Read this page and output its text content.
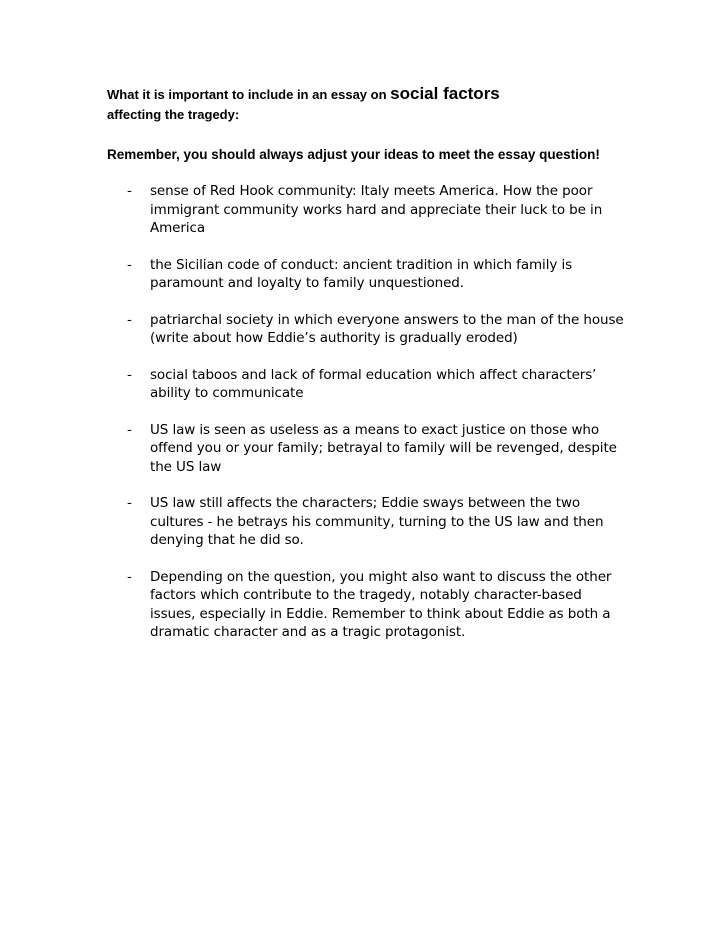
What it is important to include in an essay on social factors
affecting the tragedy:

Remember, you should always adjust your ideas to meet the essay question!

- sense of Red Hook community: Italy meets America. How the poor immigrant community works hard and appreciate their luck to be in America
- the Sicilian code of conduct: ancient tradition in which family is paramount and loyalty to family unquestioned.
- patriarchal society in which everyone answers to the man of the house (write about how Eddie’s authority is gradually eroded)
- social taboos and lack of formal education which affect characters’ ability to communicate
- US law is seen as useless as a means to exact justice on those who offend you or your family; betrayal to family will be revenged, despite the US law
- US law still affects the characters; Eddie sways between the two cultures - he betrays his community, turning to the US law and then denying that he did so.
- Depending on the question, you might also want to discuss the other factors which contribute to the tragedy, notably character-based issues, especially in Eddie. Remember to think about Eddie as both a dramatic character and as a tragic protagonist.
